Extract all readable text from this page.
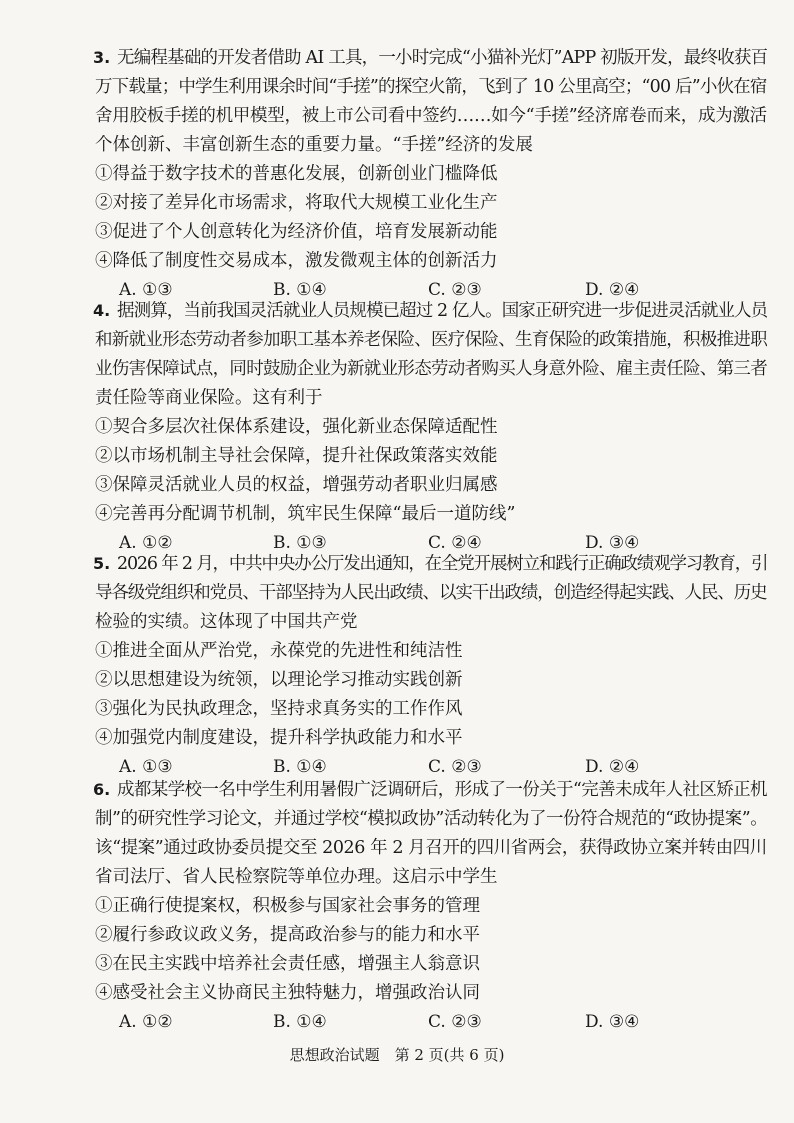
3. 无编程基础的开发者借助 AI 工具，一小时完成“小猫补光灯”APP 初版开发，最终收获百
万下载量；中学生利用课余时间“手搓”的探空火箭，飞到了 10 公里高空；“00 后”小伙在宿
舍用胶板手搓的机甲模型，被上市公司看中签约……如今“手搓”经济席卷而来，成为激活
个体创新、丰富创新生态的重要力量。“手搓”经济的发展
①得益于数字技术的普惠化发展，创新创业门槛降低
②对接了差异化市场需求，将取代大规模工业化生产
③促进了个人创意转化为经济价值，培育发展新动能
④降低了制度性交易成本，激发微观主体的创新活力
A. ①③	B. ①④	C. ②③	D. ②④
4. 据测算，当前我国灵活就业人员规模已超过 2 亿人。国家正研究进一步促进灵活就业人员
和新就业形态劳动者参加职工基本养老保险、医疗保险、生育保险的政策措施，积极推进职
业伤害保障试点，同时鼓励企业为新就业形态劳动者购买人身意外险、雇主责任险、第三者
责任险等商业保险。这有利于
①契合多层次社保体系建设，强化新业态保障适配性
②以市场机制主导社会保障，提升社保政策落实效能
③保障灵活就业人员的权益，增强劳动者职业归属感
④完善再分配调节机制，筑牢民生保障“最后一道防线”
A. ①②	B. ①③	C. ②④	D. ③④
5. 2026 年 2 月，中共中央办公厅发出通知，在全党开展树立和践行正确政绩观学习教育，引
导各级党组织和党员、干部坚持为人民出政绩、以实干出政绩，创造经得起实践、人民、历史
检验的实绩。这体现了中国共产党
①推进全面从严治党，永葆党的先进性和纯洁性
②以思想建设为统领，以理论学习推动实践创新
③强化为民执政理念，坚持求真务实的工作作风
④加强党内制度建设，提升科学执政能力和水平
A. ①③	B. ①④	C. ②③	D. ②④
6. 成都某学校一名中学生利用暑假广泛调研后，形成了一份关于“完善未成年人社区矫正机
制”的研究性学习论文，并通过学校“模拟政协”活动转化为了一份符合规范的“政协提案”。
该“提案”通过政协委员提交至 2026 年 2 月召开的四川省两会，获得政协立案并转由四川
省司法厅、省人民检察院等单位办理。这启示中学生
①正确行使提案权，积极参与国家社会事务的管理
②履行参政议政义务，提高政治参与的能力和水平
③在民主实践中培养社会责任感，增强主人翁意识
④感受社会主义协商民主独特魅力，增强政治认同
A. ①②	B. ①④	C. ②③	D. ③④
思想政治试题　第 2 页(共 6 页)
